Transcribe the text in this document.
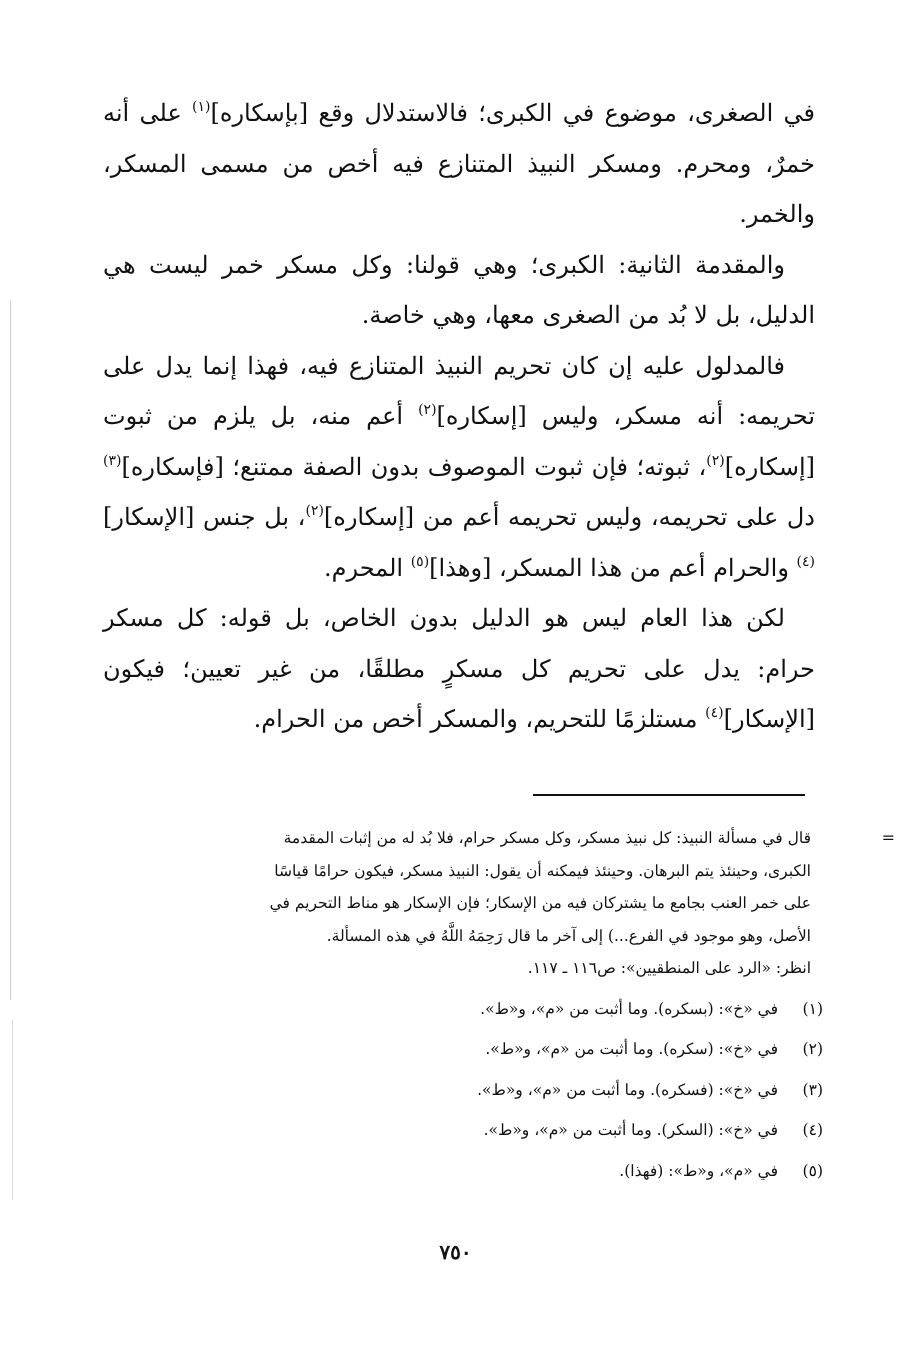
في الصغرى، موضوع في الكبرى؛ فالاستدلال وقع [بإسكاره]$^{(١)}$ على أنه خمرٌ، ومحرم. ومسكر النبيذ المتنازع فيه أخص من مسمى المسكر، والخمر.

والمقدمة الثانية: الكبرى؛ وهي قولنا: وكل مسكر خمر ليست هي الدليل، بل لا بُد من الصغرى معها، وهي خاصة.

فالمدلول عليه إن كان تحريم النبيذ المتنازع فيه، فهذا إنما يدل على تحريمه: أنه مسكر، وليس [إسكاره]$^{(٢)}$ أعم منه، بل يلزم من ثبوت [إسكاره]$^{(٢)}$، ثبوته؛ فإن ثبوت الموصوف بدون الصفة ممتنع؛ [فإسكاره]$^{(٣)}$ دل على تحريمه، وليس تحريمه أعم من [إسكاره]$^{(٢)}$، بل جنس [الإسكار]$^{(٤)}$ والحرام أعم من هذا المسكر، [وهذا]$^{(٥)}$ المحرم.

لكن هذا العام ليس هو الدليل بدون الخاص، بل قوله: كل مسكر حرام: يدل على تحريم كل مسكرٍ مطلقًا، من غير تعيين؛ فيكون [الإسكار]$^{(٤)}$ مستلزمًا للتحريم، والمسكر أخص من الحرام.

=
قال في مسألة النبيذ: كل نبيذ مسكر، وكل مسكر حرام، فلا بُد له من إثبات المقدمة
الكبرى، وحينئذ يتم البرهان. وحينئذ فيمكنه أن يقول: النبيذ مسكر، فيكون حرامًا قياسًا
على خمر العنب بجامع ما يشتركان فيه من الإسكار؛ فإن الإسكار هو مناط التحريم في
الأصل، وهو موجود في الفرع...) إلى آخر ما قال رَحِمَهُ اللَّهُ في هذه المسألة.
انظر: «الرد على المنطقيين»: ص١١٦ ـ ١١٧.
(١)
في «خ»: (بسكره). وما أثبت من «م»، و«ط».
(٢)
في «خ»: (سكره). وما أثبت من «م»، و«ط».
(٣)
في «خ»: (فسكره). وما أثبت من «م»، و«ط».
(٤)
في «خ»: (السكر). وما أثبت من «م»، و«ط».
(٥)
في «م»، و«ط»: (فهذا).
٧٥٠
